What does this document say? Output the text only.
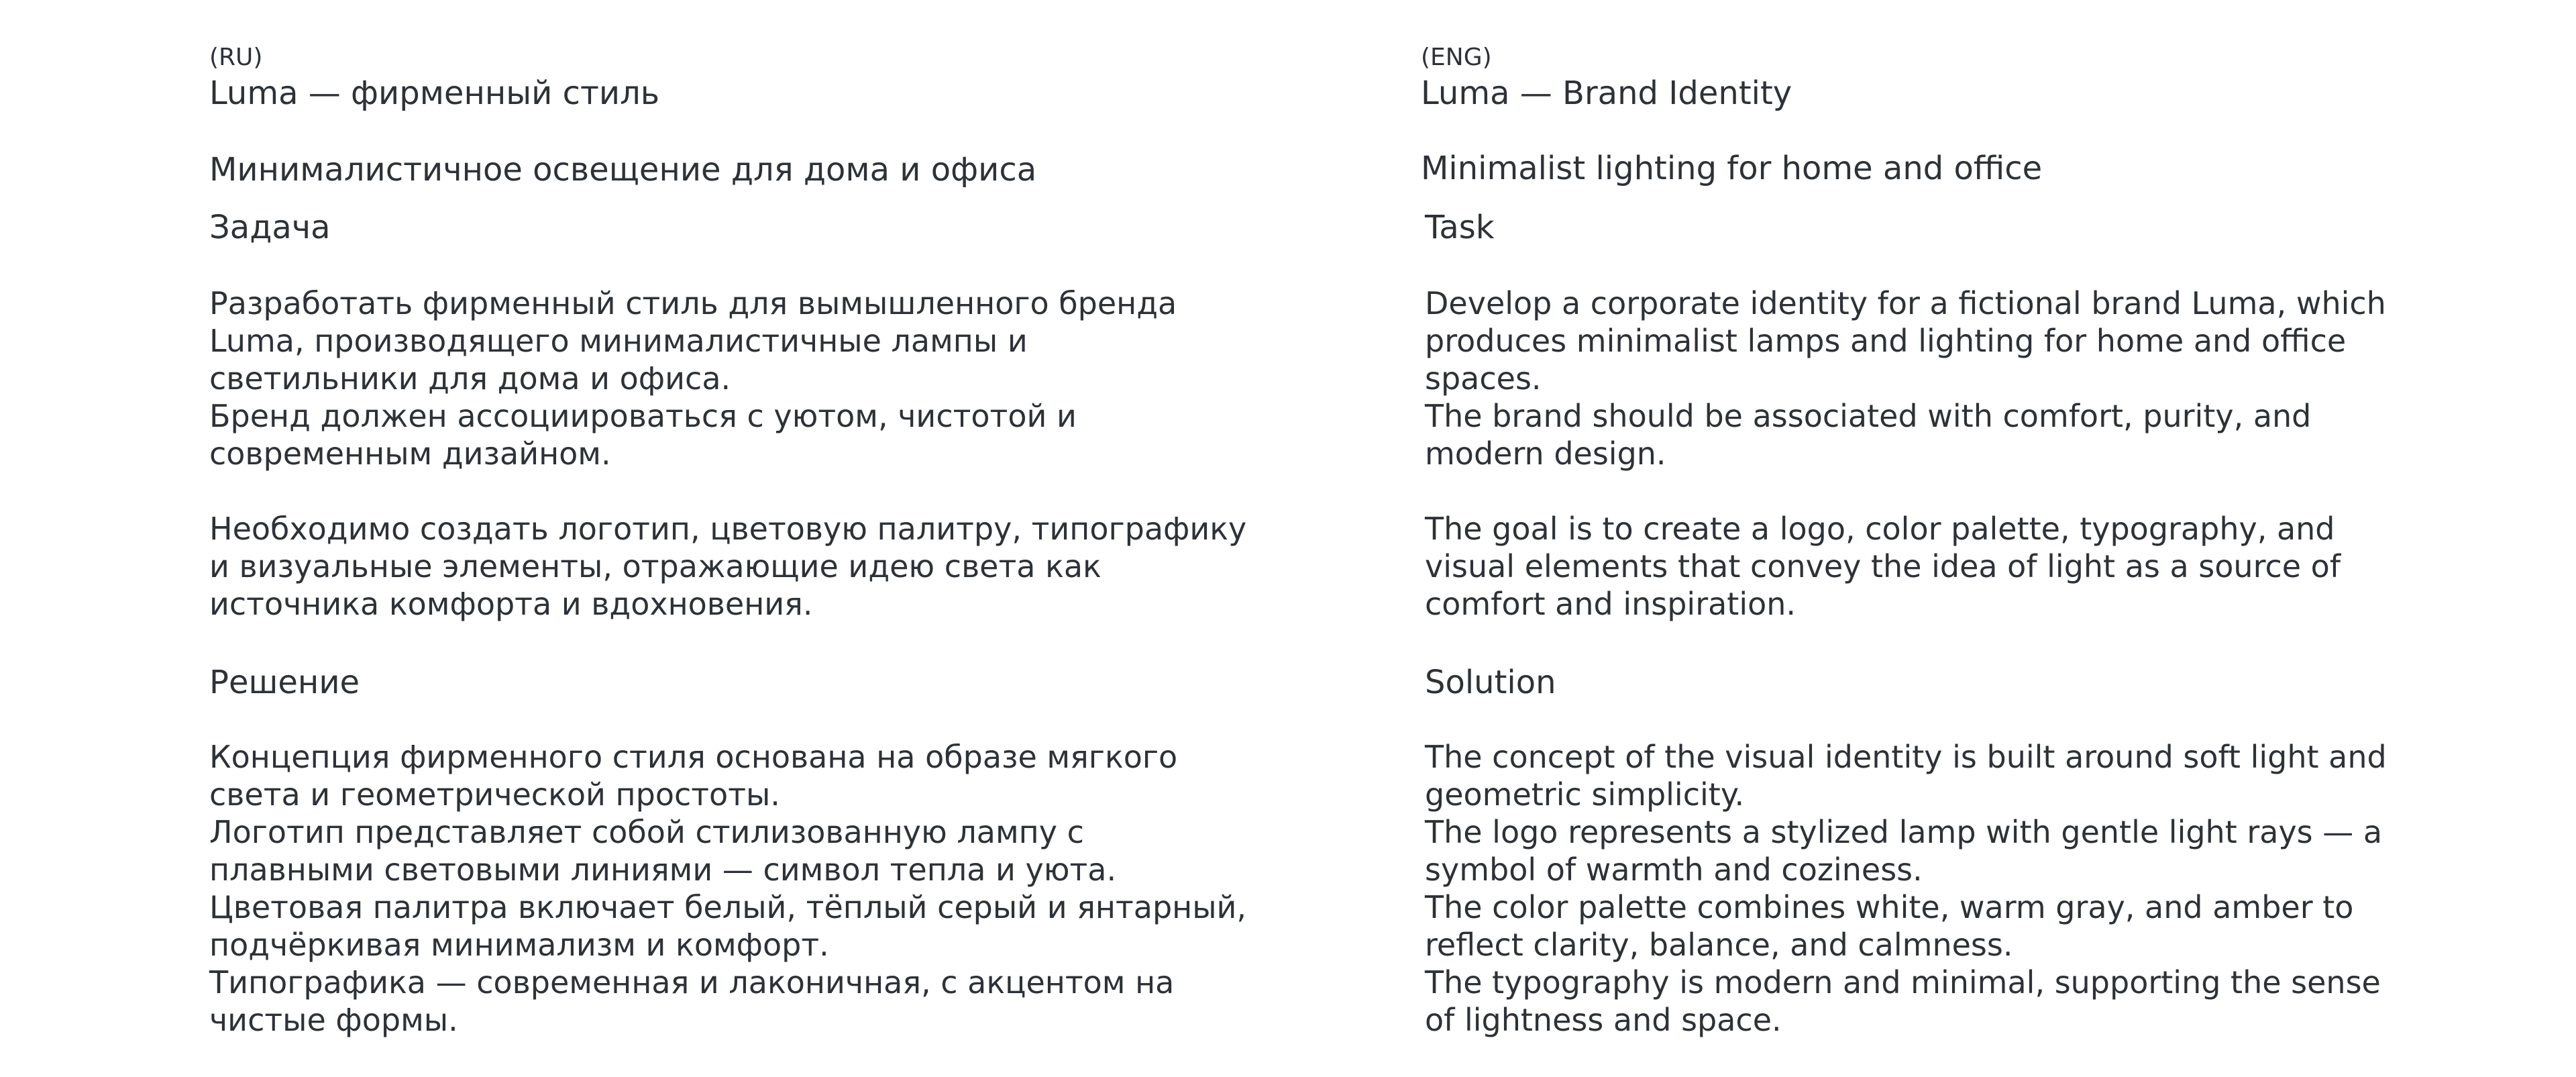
(RU)
Luma — фирменный стиль
Минималистичное освещение для дома и офиса
Задача
Разработать фирменный стиль для вымышленного бренда
Luma, производящего минималистичные лампы и
светильники для дома и офиса.
Бренд должен ассоциироваться с уютом, чистотой и
современным дизайном.
Необходимо создать логотип, цветовую палитру, типографику
и визуальные элементы, отражающие идею света как
источника комфорта и вдохновения.
Решение
Концепция фирменного стиля основана на образе мягкого
света и геометрической простоты.
Логотип представляет собой стилизованную лампу с
плавными световыми линиями — символ тепла и уюта.
Цветовая палитра включает белый, тёплый серый и янтарный,
подчёркивая минимализм и комфорт.
Типографика — современная и лаконичная, с акцентом на
чистые формы.
(ENG)
Luma — Brand Identity
Minimalist lighting for home and office
Task
Develop a corporate identity for a fictional brand Luma, which
produces minimalist lamps and lighting for home and office
spaces.
The brand should be associated with comfort, purity, and
modern design.
The goal is to create a logo, color palette, typography, and
visual elements that convey the idea of light as a source of
comfort and inspiration.
Solution
The concept of the visual identity is built around soft light and
geometric simplicity.
The logo represents a stylized lamp with gentle light rays — a
symbol of warmth and coziness.
The color palette combines white, warm gray, and amber to
reflect clarity, balance, and calmness.
The typography is modern and minimal, supporting the sense
of lightness and space.
